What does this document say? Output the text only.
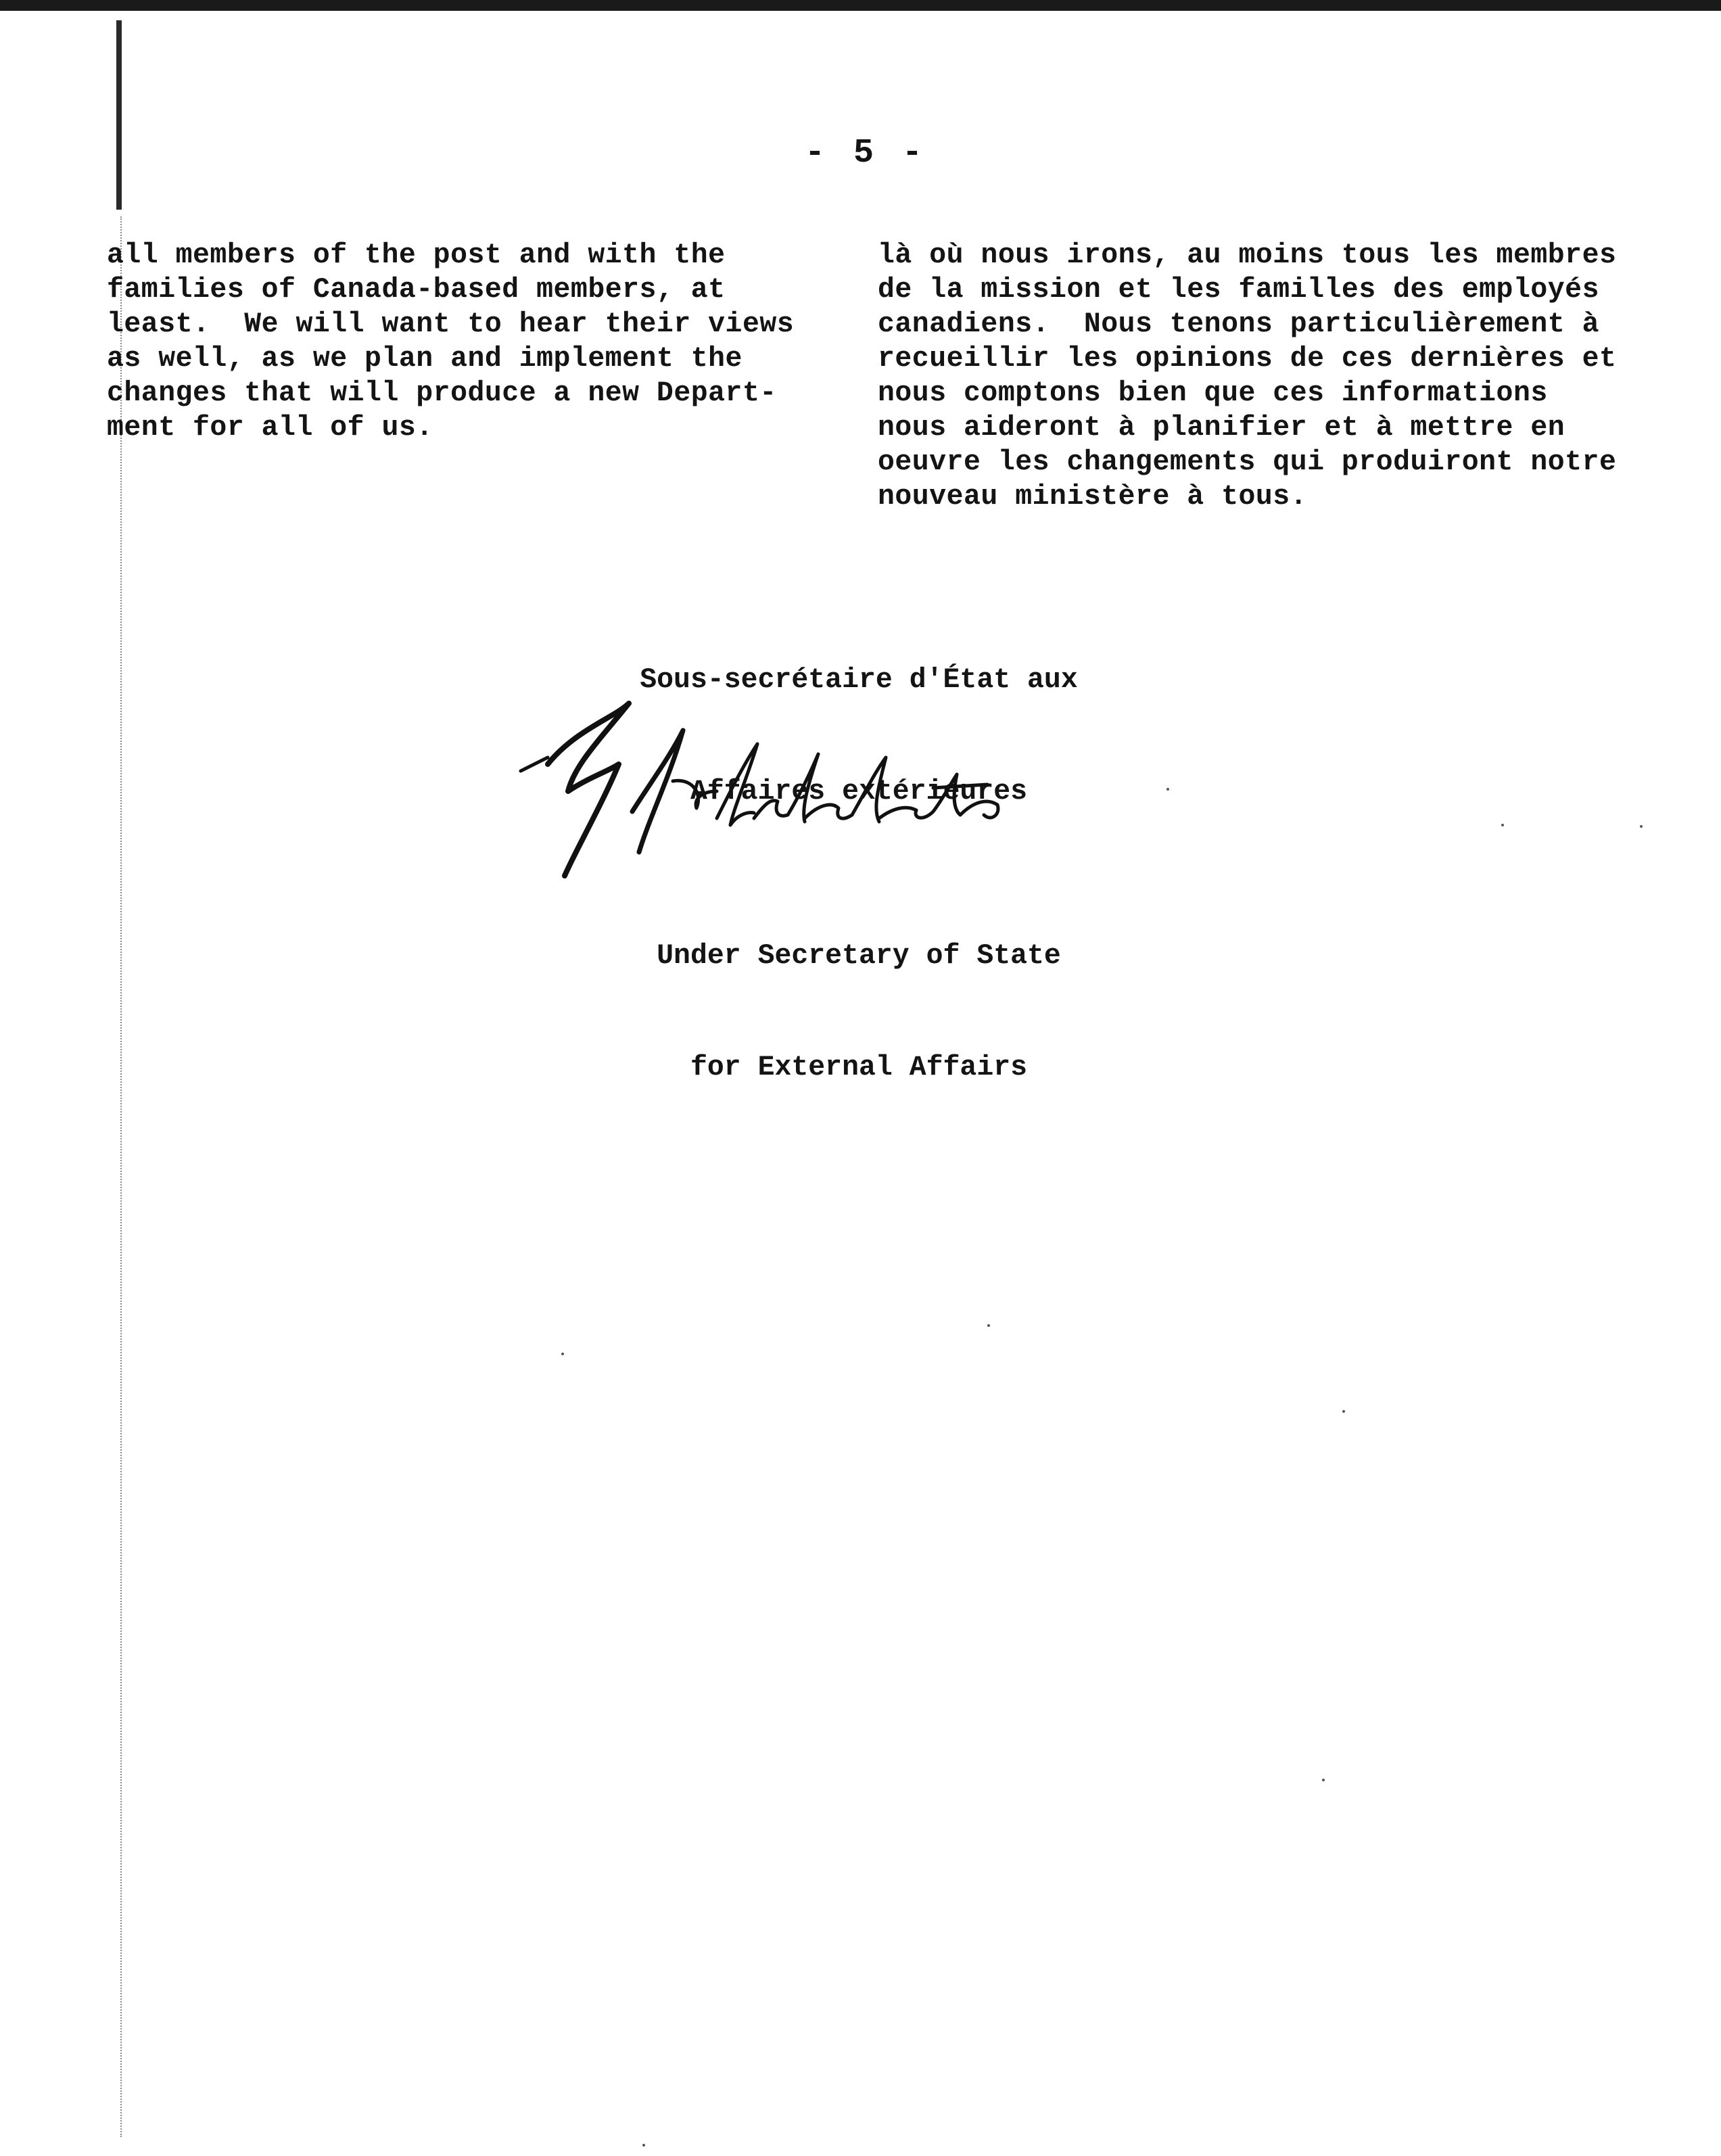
- 5 -
all members of the post and with the
families of Canada-based members, at
least.  We will want to hear their views
as well, as we plan and implement the
changes that will produce a new Depart-
ment for all of us.
là où nous irons, au moins tous les membres
de la mission et les familles des employés
canadiens.  Nous tenons particulièrement à
recueillir les opinions de ces dernières et
nous comptons bien que ces informations
nous aideront à planifier et à mettre en
oeuvre les changements qui produiront notre
nouveau ministère à tous.

Sous-secrétaire d'État aux

Affaires extérieures

Under Secretary of State

for External Affairs
